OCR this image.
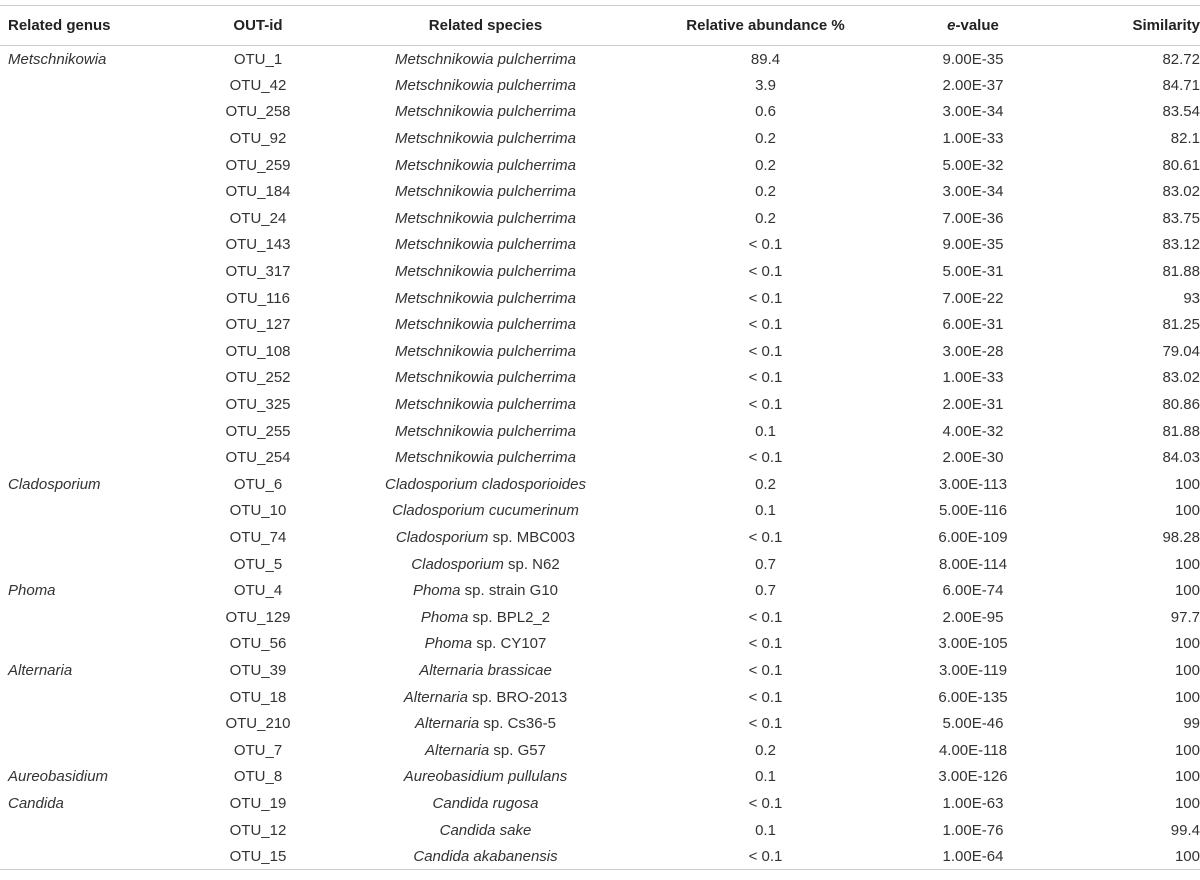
Related genus	OUT-id	Related species	Relative abundance %	e-value	Similarity
Metschnikowia	OTU_1	Metschnikowia pulcherrima	89.4	9.00E-35	82.72
	OTU_42	Metschnikowia pulcherrima	3.9	2.00E-37	84.71
	OTU_258	Metschnikowia pulcherrima	0.6	3.00E-34	83.54
	OTU_92	Metschnikowia pulcherrima	0.2	1.00E-33	82.1
	OTU_259	Metschnikowia pulcherrima	0.2	5.00E-32	80.61
	OTU_184	Metschnikowia pulcherrima	0.2	3.00E-34	83.02
	OTU_24	Metschnikowia pulcherrima	0.2	7.00E-36	83.75
	OTU_143	Metschnikowia pulcherrima	< 0.1	9.00E-35	83.12
	OTU_317	Metschnikowia pulcherrima	< 0.1	5.00E-31	81.88
	OTU_116	Metschnikowia pulcherrima	< 0.1	7.00E-22	93
	OTU_127	Metschnikowia pulcherrima	< 0.1	6.00E-31	81.25
	OTU_108	Metschnikowia pulcherrima	< 0.1	3.00E-28	79.04
	OTU_252	Metschnikowia pulcherrima	< 0.1	1.00E-33	83.02
	OTU_325	Metschnikowia pulcherrima	< 0.1	2.00E-31	80.86
	OTU_255	Metschnikowia pulcherrima	0.1	4.00E-32	81.88
	OTU_254	Metschnikowia pulcherrima	< 0.1	2.00E-30	84.03
Cladosporium	OTU_6	Cladosporium cladosporioides	0.2	3.00E-113	100
	OTU_10	Cladosporium cucumerinum	0.1	5.00E-116	100
	OTU_74	Cladosporium sp. MBC003	< 0.1	6.00E-109	98.28
	OTU_5	Cladosporium sp. N62	0.7	8.00E-114	100
Phoma	OTU_4	Phoma sp. strain G10	0.7	6.00E-74	100
	OTU_129	Phoma sp. BPL2_2	< 0.1	2.00E-95	97.7
	OTU_56	Phoma sp. CY107	< 0.1	3.00E-105	100
Alternaria	OTU_39	Alternaria brassicae	< 0.1	3.00E-119	100
	OTU_18	Alternaria sp. BRO-2013	< 0.1	6.00E-135	100
	OTU_210	Alternaria sp. Cs36-5	< 0.1	5.00E-46	99
	OTU_7	Alternaria sp. G57	0.2	4.00E-118	100
Aureobasidium	OTU_8	Aureobasidium pullulans	0.1	3.00E-126	100
Candida	OTU_19	Candida rugosa	< 0.1	1.00E-63	100
	OTU_12	Candida sake	0.1	1.00E-76	99.4
	OTU_15	Candida akabanensis	< 0.1	1.00E-64	100
